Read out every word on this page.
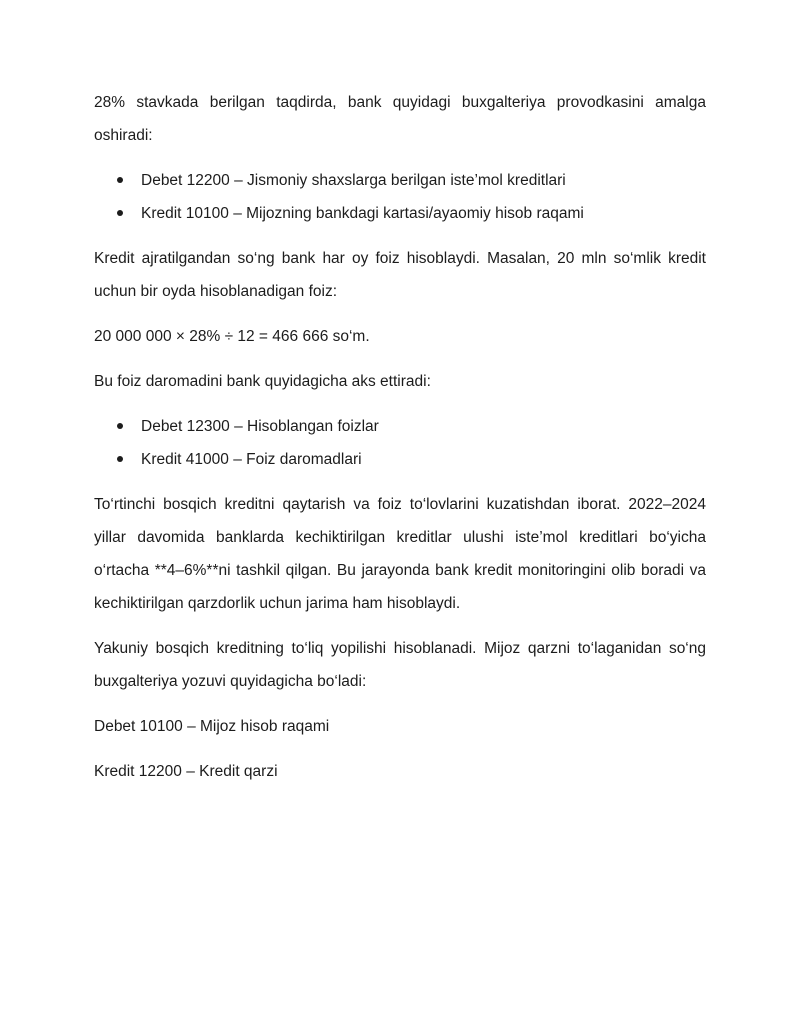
28% stavkada berilgan taqdirda, bank quyidagi buxgalteriya provodkasini amalga oshiradi:

Debet 12200 – Jismoniy shaxslarga berilgan iste’mol kreditlari
Kredit 10100 – Mijozning bankdagi kartasi/ayaomiy hisob raqami

Kredit ajratilgandan so‘ng bank har oy foiz hisoblaydi. Masalan, 20 mln so‘mlik kredit uchun bir oyda hisoblanadigan foiz:

20 000 000 × 28% ÷ 12 = 466 666 so‘m.

Bu foiz daromadini bank quyidagicha aks ettiradi:

Debet 12300 – Hisoblangan foizlar
Kredit 41000 – Foiz daromadlari

To‘rtinchi bosqich kreditni qaytarish va foiz to‘lovlarini kuzatishdan iborat. 2022–2024 yillar davomida banklarda kechiktirilgan kreditlar ulushi iste’mol kreditlari bo‘yicha o‘rtacha **4–6%**ni tashkil qilgan. Bu jarayonda bank kredit monitoringini olib boradi va kechiktirilgan qarzdorlik uchun jarima ham hisoblaydi.

Yakuniy bosqich kreditning to‘liq yopilishi hisoblanadi. Mijoz qarzni to‘laganidan so‘ng buxgalteriya yozuvi quyidagicha bo‘ladi:

Debet 10100 – Mijoz hisob raqami

Kredit 12200 – Kredit qarzi
